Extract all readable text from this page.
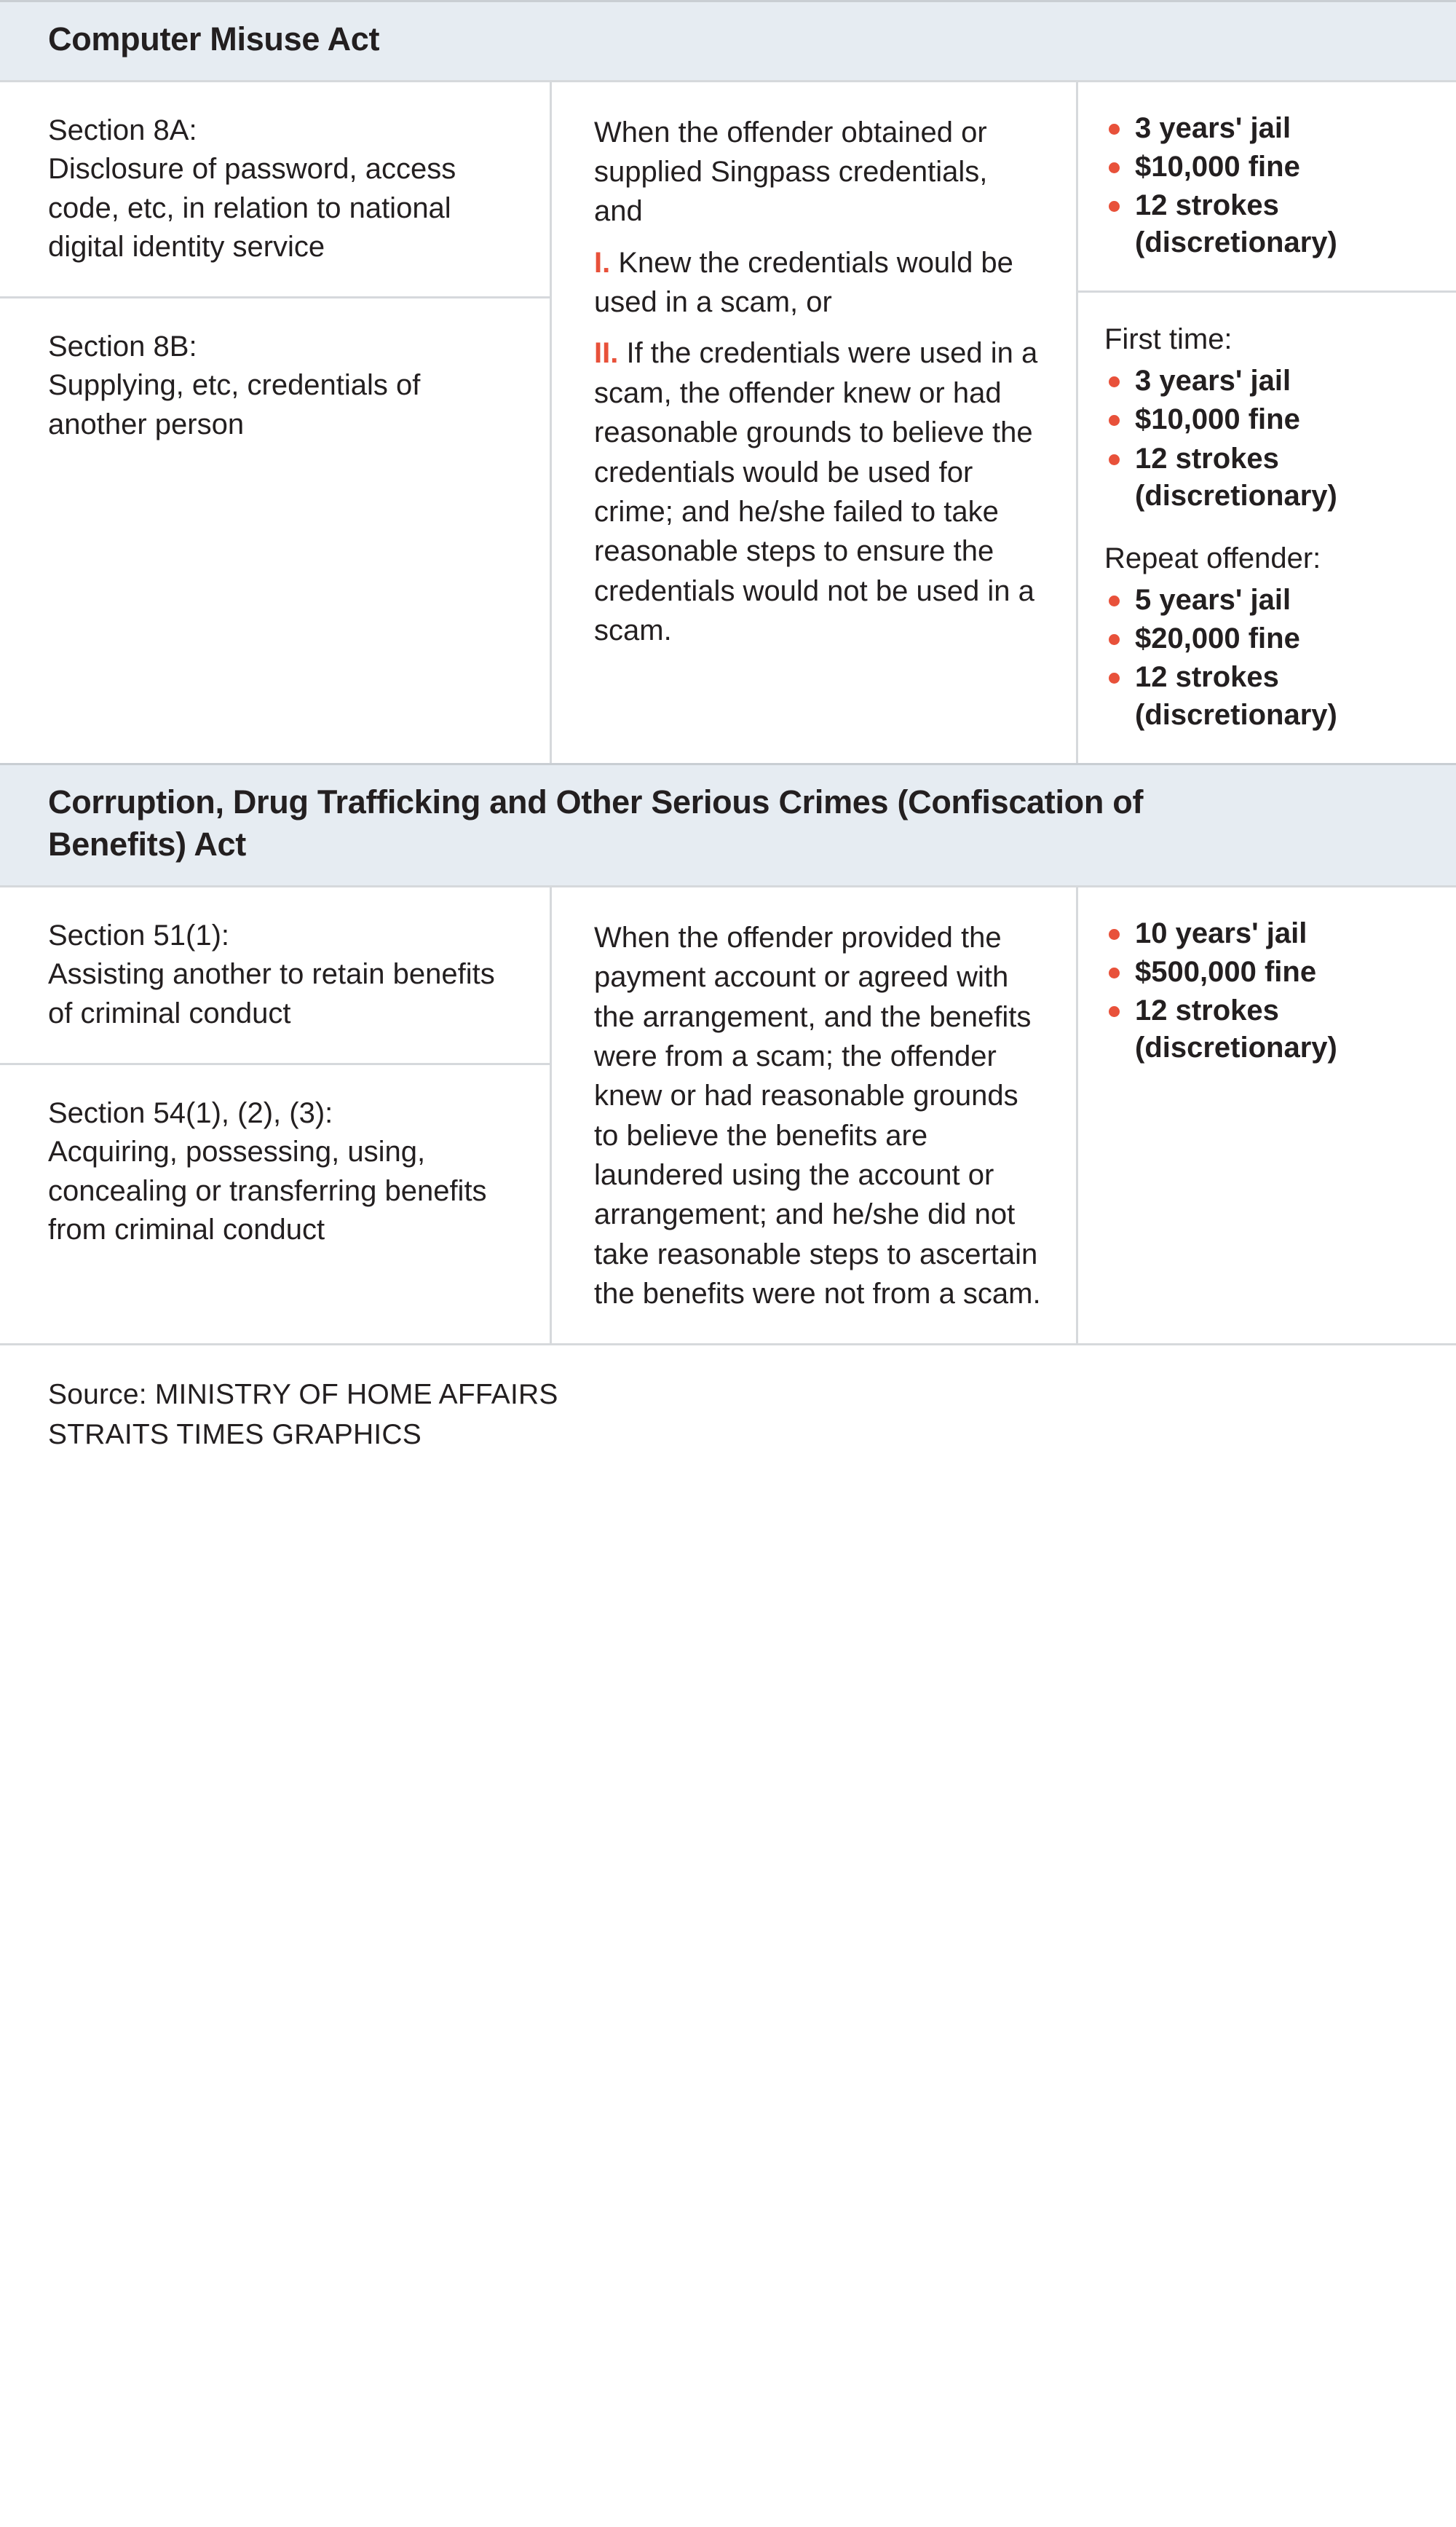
Computer Misuse Act
Section 8A:
Disclosure of password, access code, etc, in relation to national digital identity service
Section 8B:
Supplying, etc, credentials of another person
When the offender obtained or supplied Singpass credentials, and
I. Knew the credentials would be used in a scam, or
II. If the credentials were used in a scam, the offender knew or had reasonable grounds to believe the credentials would be used for crime; and he/she failed to take reasonable steps to ensure the credentials would not be used in a scam.
3 years' jail
$10,000 fine
12 strokes
(discretionary)
First time:
3 years' jail
$10,000 fine
12 strokes
(discretionary)
Repeat offender:
5 years' jail
$20,000 fine
12 strokes
(discretionary)
Corruption, Drug Trafficking and Other Serious Crimes (Confiscation of Benefits) Act
Section 51(1):
Assisting another to retain benefits of criminal conduct
Section 54(1), (2), (3):
Acquiring, possessing, using, concealing or transferring benefits from criminal conduct
When the offender provided the payment account or agreed with the arrangement, and the benefits were from a scam; the offender knew or had reasonable grounds to believe the benefits are laundered using the account or arrangement; and he/she did not take reasonable steps to ascertain the benefits were not from a scam.
10 years' jail
$500,000 fine
12 strokes
(discretionary)
Source: MINISTRY OF HOME AFFAIRS
STRAITS TIMES GRAPHICS
